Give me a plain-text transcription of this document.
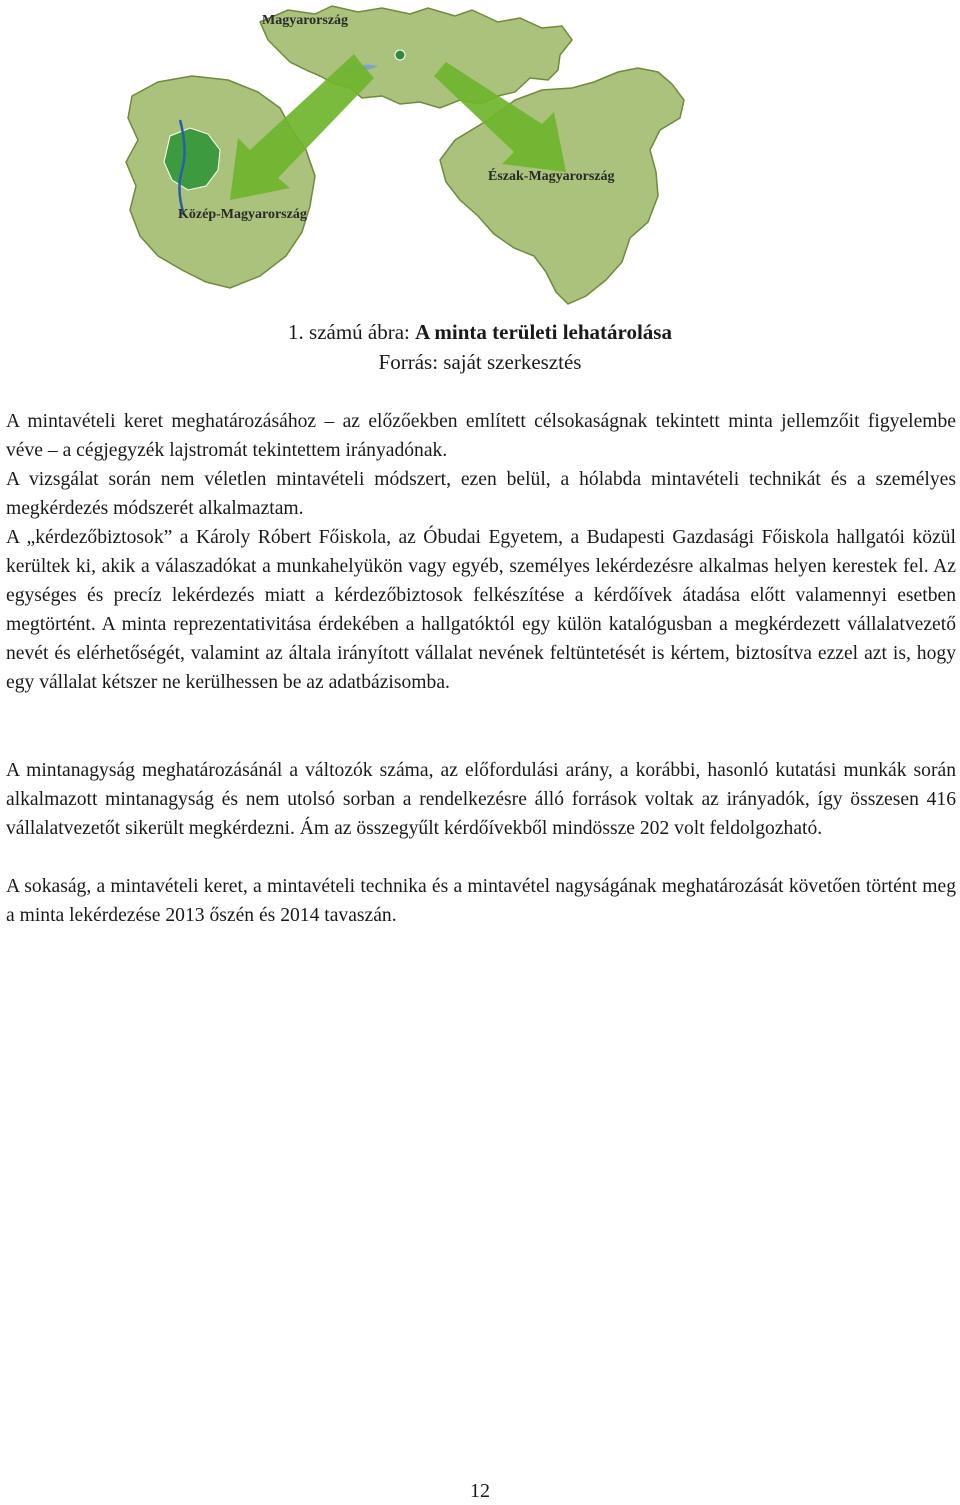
Magyarország
Közép-Magyarország
Észak-Magyarország
1. számú ábra: A minta területi lehatárolása
Forrás: saját szerkesztés

A mintavételi keret meghatározásához – az előzőekben említett célsokaságnak tekintett minta jellemzőit figyelembe véve – a cégjegyzék lajstromát tekintettem irányadónak.

A vizsgálat során nem véletlen mintavételi módszert, ezen belül, a hólabda mintavételi technikát és a személyes megkérdezés módszerét alkalmaztam.

A „kérdezőbiztosok” a Károly Róbert Főiskola, az Óbudai Egyetem, a Budapesti Gazdasági Főiskola hallgatói közül kerültek ki, akik a válaszadókat a munkahelyükön vagy egyéb, személyes lekérdezésre alkalmas helyen kerestek fel. Az egységes és precíz lekérdezés miatt a kérdezőbiztosok felkészítése a kérdőívek átadása előtt valamennyi esetben megtörtént. A minta reprezentativitása érdekében a hallgatóktól egy külön katalógusban a megkérdezett vállalatvezető nevét és elérhetőségét, valamint az általa irányított vállalat nevének feltüntetését is kértem, biztosítva ezzel azt is, hogy egy vállalat kétszer ne kerülhessen be az adatbázisomba.

A mintanagyság meghatározásánál a változók száma, az előfordulási arány, a korábbi, hasonló kutatási munkák során alkalmazott mintanagyság és nem utolsó sorban a rendelkezésre álló források voltak az irányadók, így összesen 416 vállalatvezetőt sikerült megkérdezni. Ám az összegyűlt kérdőívekből mindössze 202 volt feldolgozható.

A sokaság, a mintavételi keret, a mintavételi technika és a mintavétel nagyságának meghatározását követően történt meg a minta lekérdezése 2013 őszén és 2014 tavaszán.

12
